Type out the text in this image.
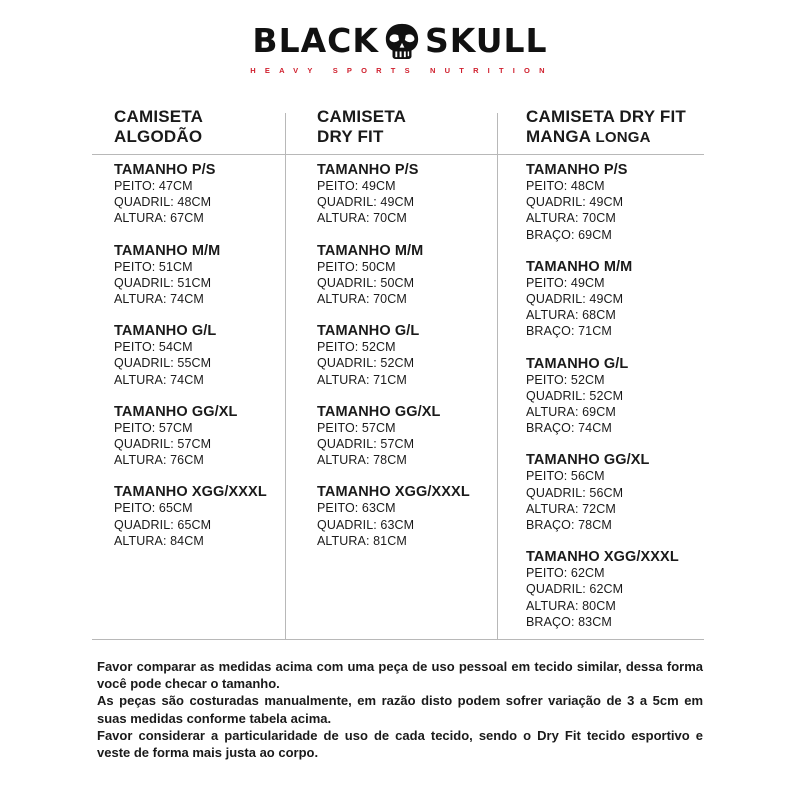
BLACK SKULL
HEAVY SPORTS NUTRITION
CAMISETA
ALGODÃO
TAMANHO P/S
PEITO: 47CM
QUADRIL: 48CM
ALTURA: 67CM
TAMANHO M/M
PEITO: 51CM
QUADRIL: 51CM
ALTURA: 74CM
TAMANHO G/L
PEITO: 54CM
QUADRIL: 55CM
ALTURA: 74CM
TAMANHO GG/XL
PEITO: 57CM
QUADRIL: 57CM
ALTURA: 76CM
TAMANHO XGG/XXXL
PEITO: 65CM
QUADRIL: 65CM
ALTURA: 84CM
CAMISETA
DRY FIT
TAMANHO P/S
PEITO: 49CM
QUADRIL: 49CM
ALTURA: 70CM
TAMANHO M/M
PEITO: 50CM
QUADRIL: 50CM
ALTURA: 70CM
TAMANHO G/L
PEITO: 52CM
QUADRIL: 52CM
ALTURA: 71CM
TAMANHO GG/XL
PEITO: 57CM
QUADRIL: 57CM
ALTURA: 78CM
TAMANHO XGG/XXXL
PEITO: 63CM
QUADRIL: 63CM
ALTURA: 81CM
CAMISETA DRY FIT
MANGA LONGA
TAMANHO P/S
PEITO: 48CM
QUADRIL: 49CM
ALTURA: 70CM
BRAÇO: 69CM
TAMANHO M/M
PEITO: 49CM
QUADRIL: 49CM
ALTURA: 68CM
BRAÇO: 71CM
TAMANHO G/L
PEITO: 52CM
QUADRIL: 52CM
ALTURA: 69CM
BRAÇO: 74CM
TAMANHO GG/XL
PEITO: 56CM
QUADRIL: 56CM
ALTURA: 72CM
BRAÇO: 78CM
TAMANHO XGG/XXXL
PEITO: 62CM
QUADRIL: 62CM
ALTURA: 80CM
BRAÇO: 83CM

Favor comparar as medidas acima com uma peça de uso pessoal em tecido similar, dessa forma você pode checar o tamanho.

As peças são costuradas manualmente, em razão disto podem sofrer variação de 3 a 5cm em suas medidas conforme tabela acima.

Favor considerar a particularidade de uso de cada tecido, sendo o Dry Fit tecido esportivo e veste de forma mais justa ao corpo.
